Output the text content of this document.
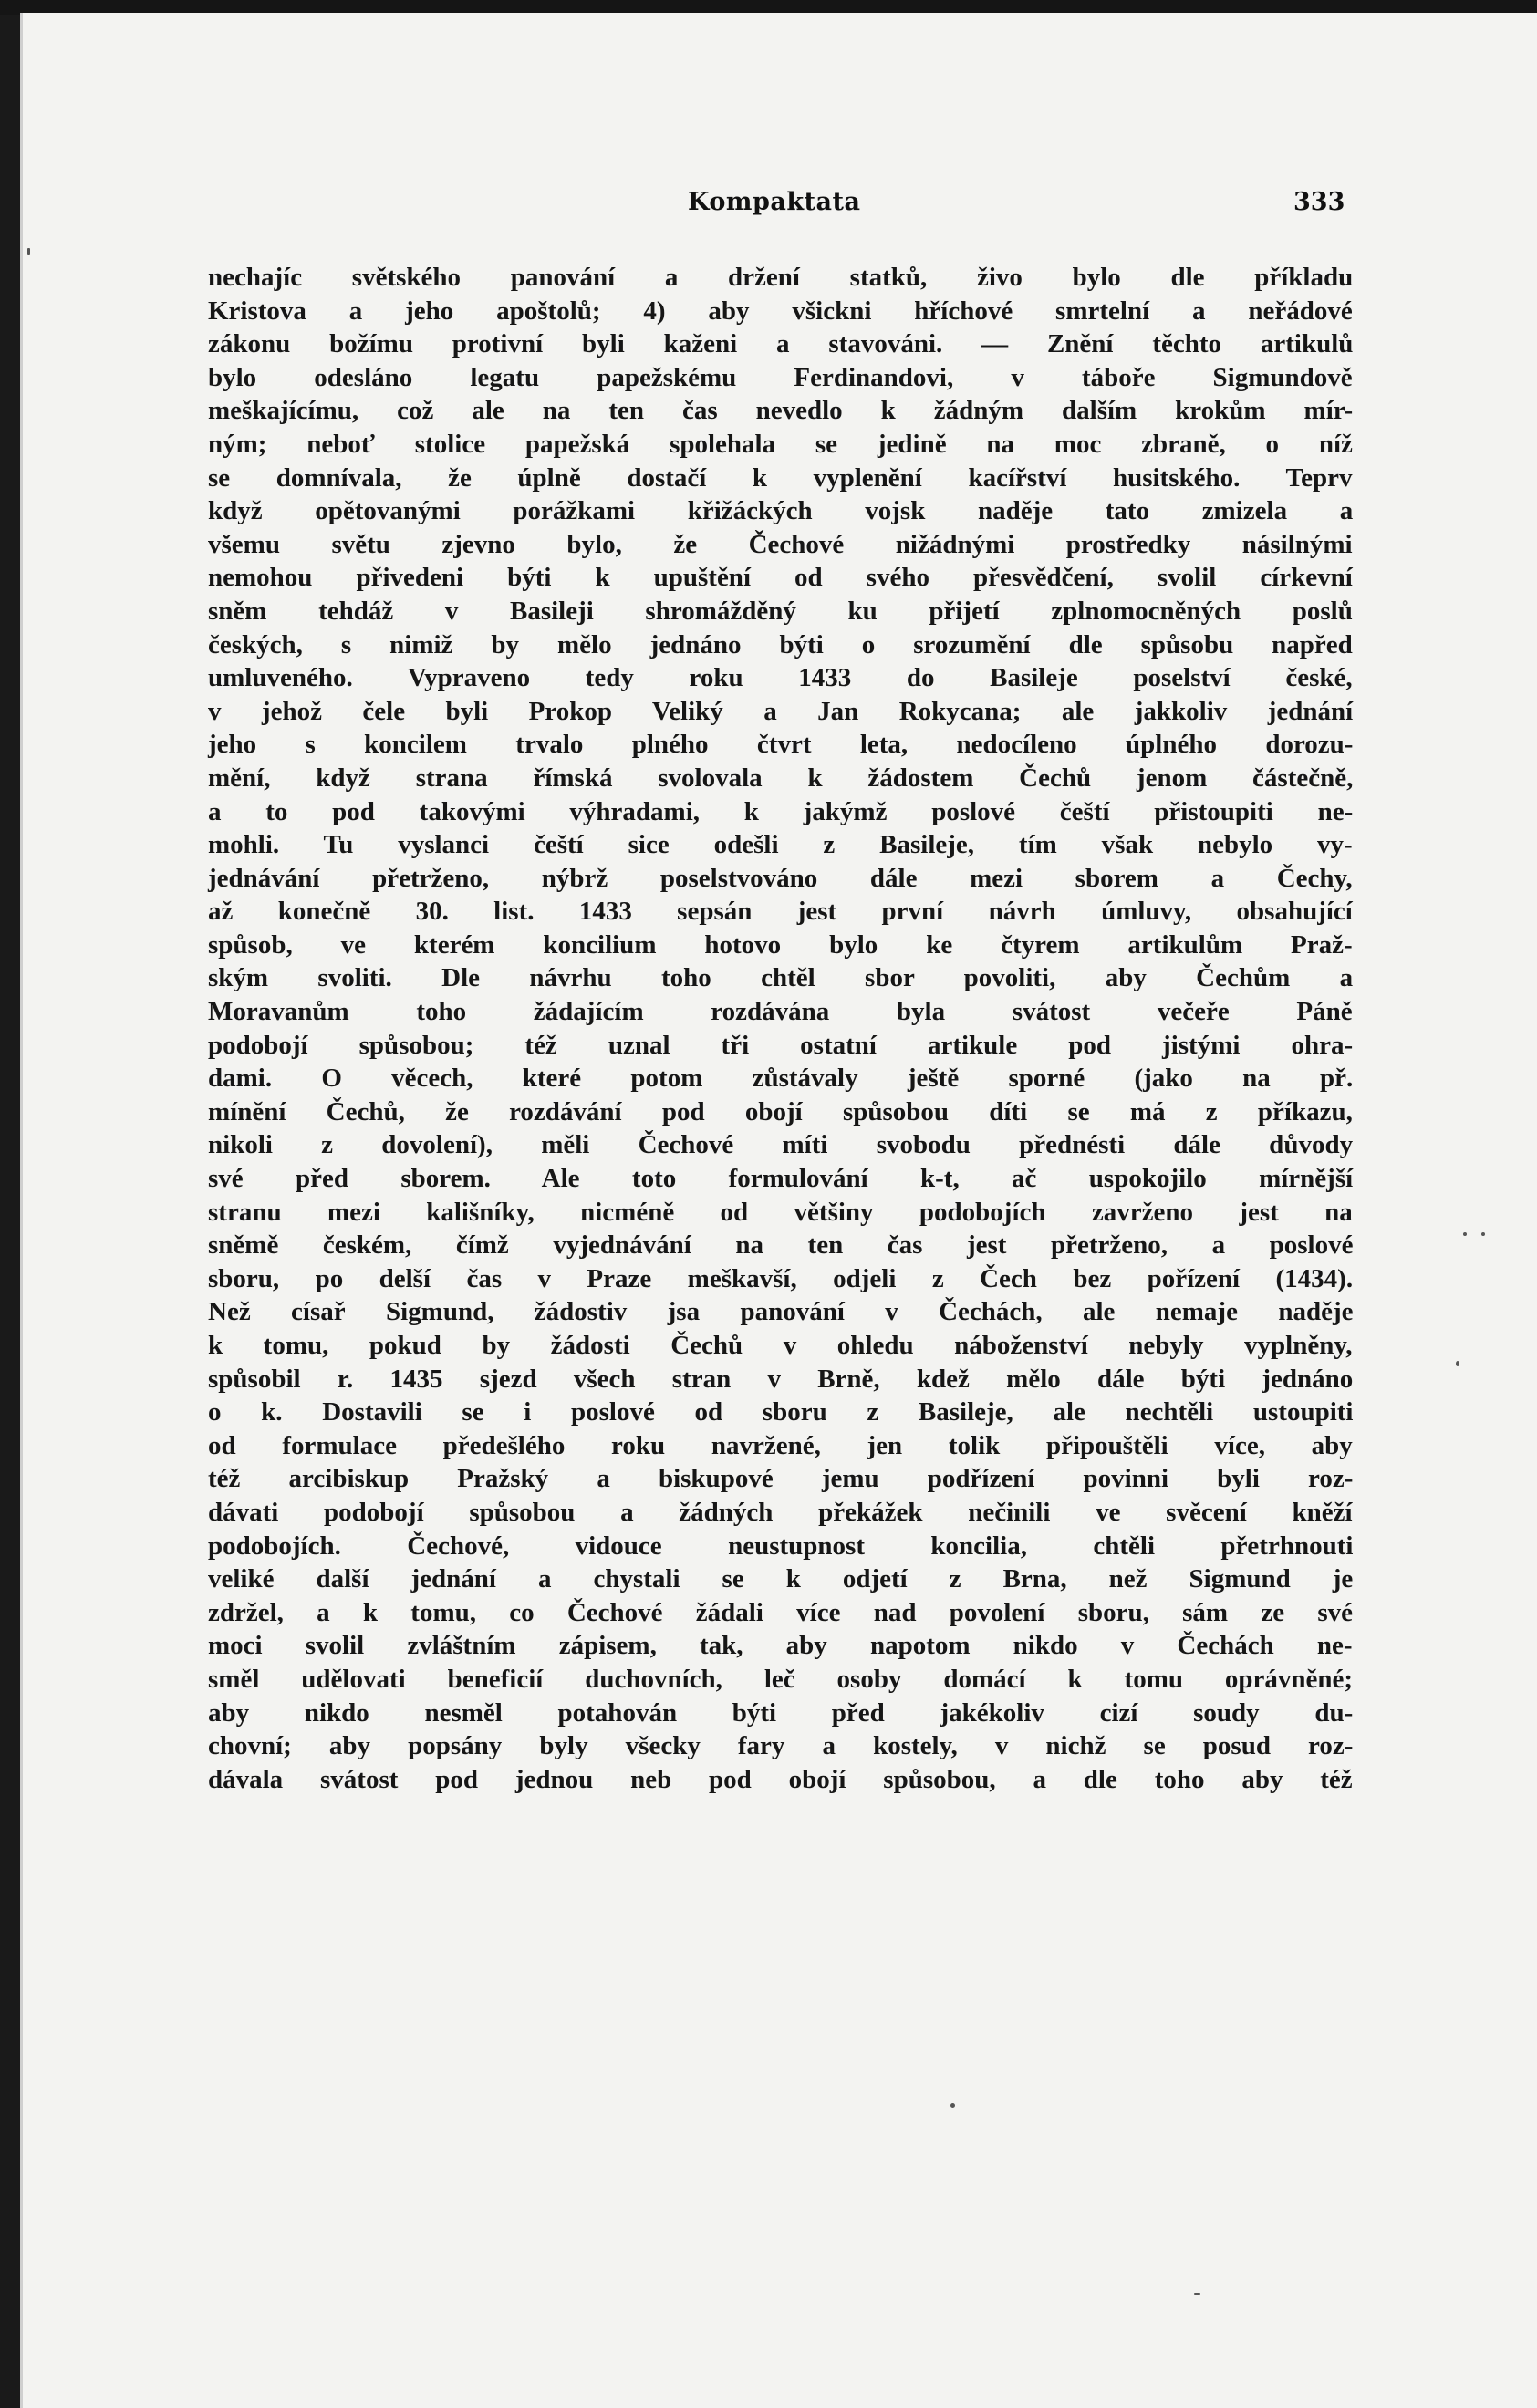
Kompaktata	333
nechajíc světského panování a držení statků, živo bylo dle příkladu
Kristova a jeho apoštolů; 4) aby všickni hříchové smrtelní a neřádové
zákonu božímu protivní byli kaženi a stavováni. — Znění těchto artikulů
bylo odesláno legatu papežskému Ferdinandovi, v táboře Sigmundově
meškajícímu, což ale na ten čas nevedlo k žádným dalším krokům mír-
ným; neboť stolice papežská spolehala se jedině na moc zbraně, o níž
se domnívala, že úplně dostačí k vyplenění kacířství husitského. Teprv
když opětovanými porážkami křižáckých vojsk naděje tato zmizela a
všemu světu zjevno bylo, že Čechové nižádnými prostředky násilnými
nemohou přivedeni býti k upuštění od svého přesvědčení, svolil církevní
sněm tehdáž v Basileji shromážděný ku přijetí zplnomocněných poslů
českých, s nimiž by mělo jednáno býti o srozumění dle spůsobu napřed
umluveného. Vypraveno tedy roku 1433 do Basileje poselství české,
v jehož čele byli Prokop Veliký a Jan Rokycana; ale jakkoliv jednání
jeho s koncilem trvalo plného čtvrt leta, nedocíleno úplného dorozu-
mění, když strana římská svolovala k žádostem Čechů jenom částečně,
a to pod takovými výhradami, k jakýmž poslové čeští přistoupiti ne-
mohli. Tu vyslanci čeští sice odešli z Basileje, tím však nebylo vy-
jednávání přetrženo, nýbrž poselstvováno dále mezi sborem a Čechy,
až konečně 30. list. 1433 sepsán jest první návrh úmluvy, obsahující
spůsob, ve kterém koncilium hotovo bylo ke čtyrem artikulům Praž-
ským svoliti. Dle návrhu toho chtěl sbor povoliti, aby Čechům a
Moravanům toho žádajícím rozdávána byla svátost večeře Páně
podobojí spůsobou; též uznal tři ostatní artikule pod jistými ohra-
dami. O věcech, které potom zůstávaly ještě sporné (jako na př.
mínění Čechů, že rozdávání pod obojí spůsobou díti se má z příkazu,
nikoli z dovolení), měli Čechové míti svobodu přednésti dále důvody
své před sborem. Ale toto formulování k-t, ač uspokojilo mírnější
stranu mezi kališníky, nicméně od většiny podobojích zavrženo jest na
sněmě českém, čímž vyjednávání na ten čas jest přetrženo, a poslové
sboru, po delší čas v Praze meškavší, odjeli z Čech bez pořízení (1434).
Než císař Sigmund, žádostiv jsa panování v Čechách, ale nemaje naděje
k tomu, pokud by žádosti Čechů v ohledu náboženství nebyly vyplněny,
spůsobil r. 1435 sjezd všech stran v Brně, kdež mělo dále býti jednáno
o k. Dostavili se i poslové od sboru z Basileje, ale nechtěli ustoupiti
od formulace předešlého roku navržené, jen tolik připouštěli více, aby
též arcibiskup Pražský a biskupové jemu podřízení povinni byli roz-
dávati podobojí spůsobou a žádných překážek nečinili ve svěcení kněží
podobojích. Čechové, vidouce neustupnost koncilia, chtěli přetrhnouti
veliké další jednání a chystali se k odjetí z Brna, než Sigmund je
zdržel, a k tomu, co Čechové žádali více nad povolení sboru, sám ze své
moci svolil zvláštním zápisem, tak, aby napotom nikdo v Čechách ne-
směl udělovati beneficií duchovních, leč osoby domácí k tomu oprávněné;
aby nikdo nesměl potahován býti před jakékoliv cizí soudy du-
chovní; aby popsány byly všecky fary a kostely, v nichž se posud roz-
dávala svátost pod jednou neb pod obojí spůsobou, a dle toho aby též
